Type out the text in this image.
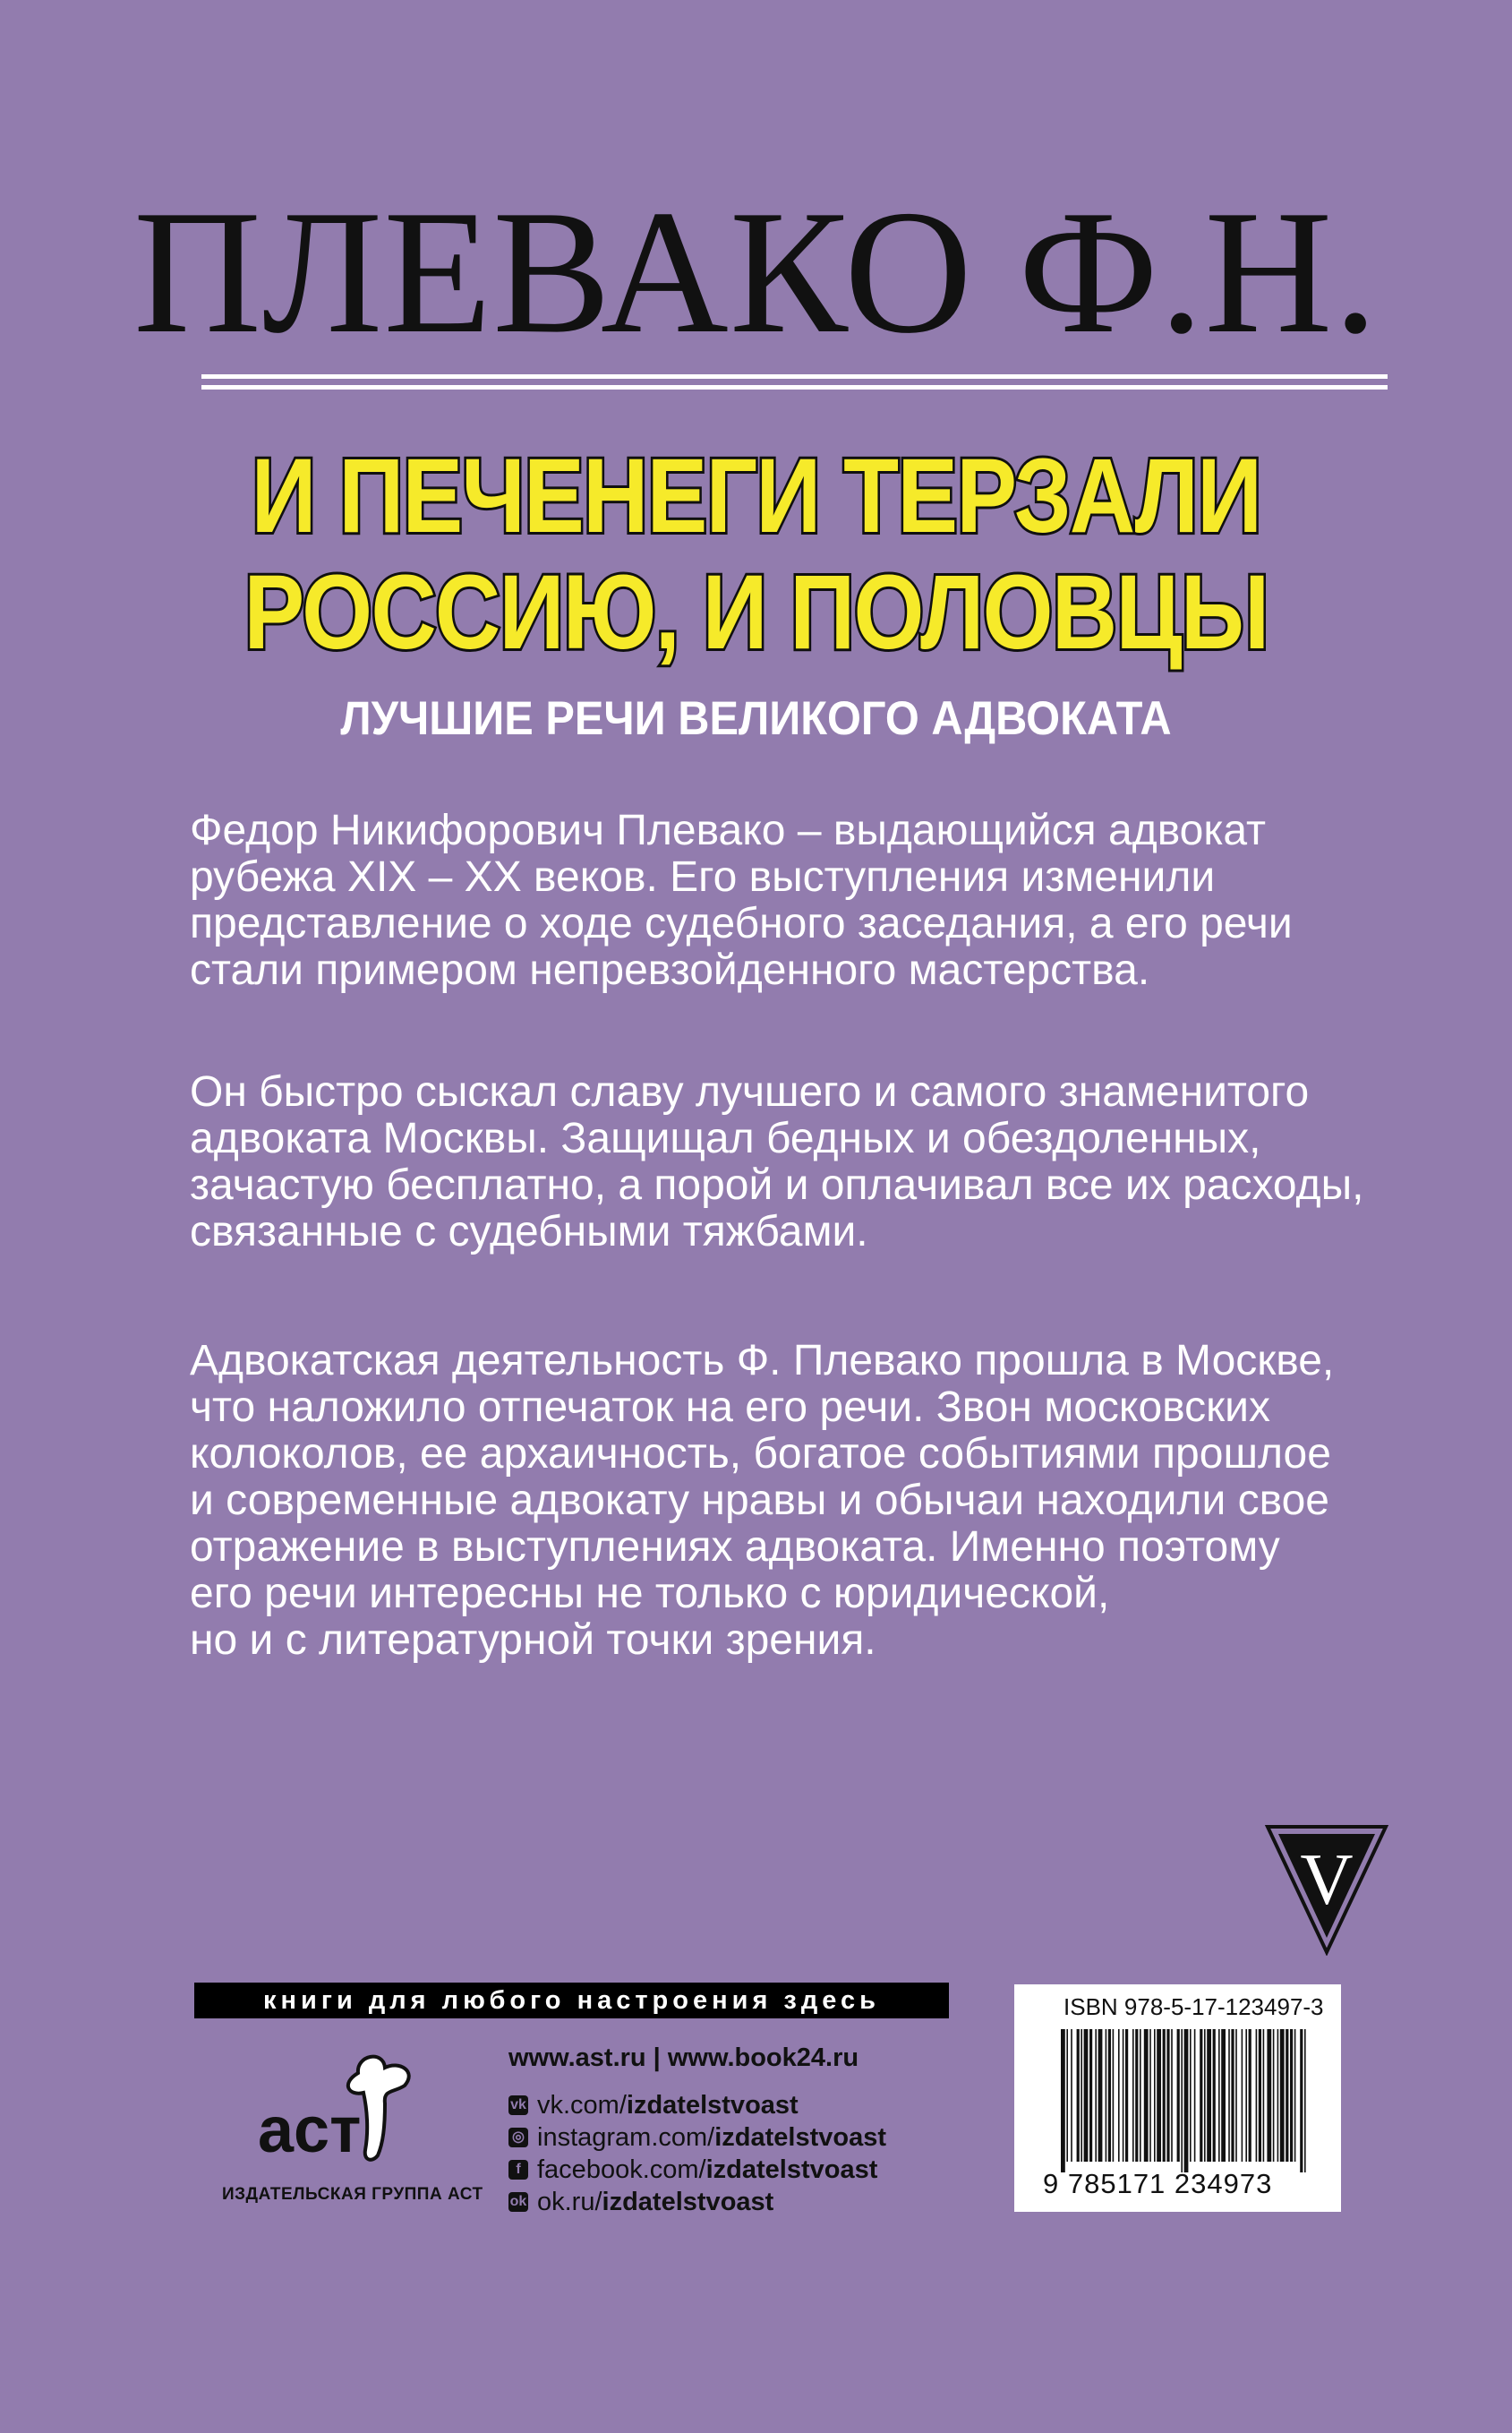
ПЛЕВАКО Ф.Н.
И ПЕЧЕНЕГИ ТЕРЗАЛИ
РОССИЮ, И ПОЛОВЦЫ
ЛУЧШИЕ РЕЧИ ВЕЛИКОГО АДВОКАТА

Федор Никифорович Плевако – выдающийся адвокат
рубежа XIX – XX веков. Его выступления изменили
представление о ходе судебного заседания, а его речи
стали примером непревзойденного мастерства.

Он быстро сыскал славу лучшего и самого знаменитого
адвоката Москвы. Защищал бедных и обездоленных,
зачастую бесплатно, а порой и оплачивал все их расходы,
связанные с судебными тяжбами.

Адвокатская деятельность Ф. Плевако прошла в Москве,
что наложило отпечаток на его речи. Звон московских
колоколов, ее архаичность, богатое событиями прошлое
и современные адвокату нравы и обычаи находили свое
отражение в выступлениях адвоката. Именно поэтому
его речи интересны не только с юридической,
но и с литературной точки зрения.

V
книги для любого настроения здесь
аст
ИЗДАТЕЛЬСКАЯ ГРУППА АСТ
www.ast.ru | www.book24.ru
vk vk.com/ izdatelstvoast
◎ instagram.com/ izdatelstvoast
f facebook.com/ izdatelstvoast
ok ok.ru/ izdatelstvoast
ISBN 978-5-17-123497-3
9 785171 234973
